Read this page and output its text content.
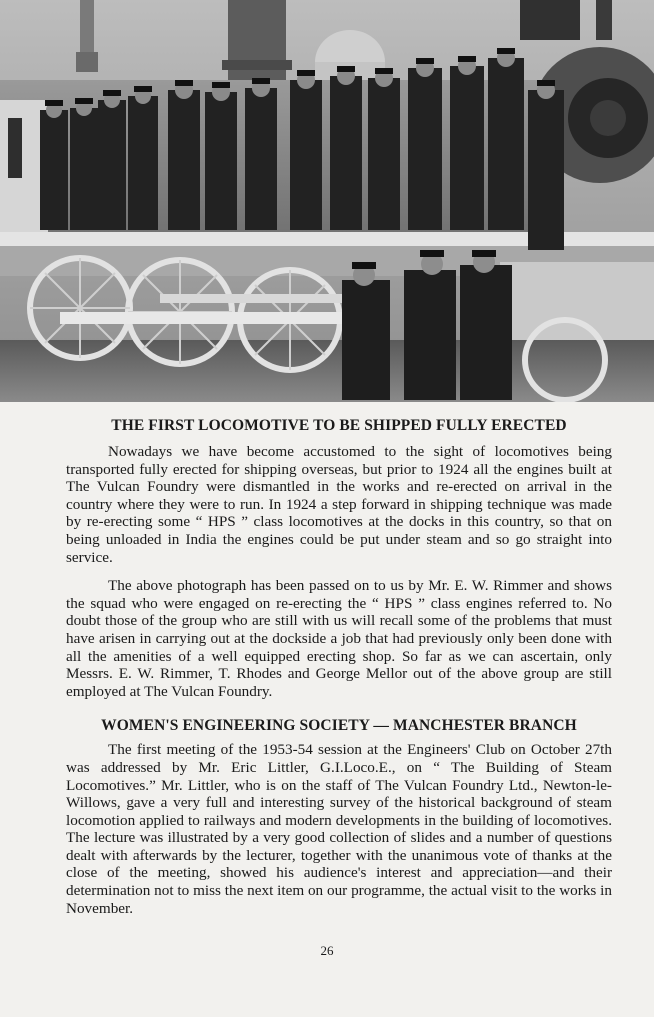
THE FIRST LOCOMOTIVE TO BE SHIPPED FULLY ERECTED

Nowadays we have become accustomed to the sight of locomotives being transported fully erected for shipping overseas, but prior to 1924 all the engines built at The Vulcan Foundry were dismantled in the works and re-erected on arrival in the country where they were to run. In 1924 a step forward in shipping technique was made by re-erecting some “ HPS ” class locomotives at the docks in this country, so that on being unloaded in India the engines could be put under steam and so go straight into service.

The above photograph has been passed on to us by Mr. E. W. Rimmer and shows the squad who were engaged on re-erecting the “ HPS ” class engines referred to. No doubt those of the group who are still with us will recall some of the problems that must have arisen in carrying out at the dockside a job that had previously only been done with all the amenities of a well equipped erecting shop. So far as we can ascertain, only Messrs. E. W. Rimmer, T. Rhodes and George Mellor out of the above group are still employed at The Vulcan Foundry.

WOMEN'S ENGINEERING SOCIETY — MANCHESTER BRANCH

The first meeting of the 1953-54 session at the Engineers' Club on October 27th was addressed by Mr. Eric Littler, G.I.Loco.E., on “ The Building of Steam Locomotives.” Mr. Littler, who is on the staff of The Vulcan Foundry Ltd., Newton-le-Willows, gave a very full and interesting survey of the historical background of steam locomotion applied to railways and modern developments in the building of locomotives. The lecture was illustrated by a very good collection of slides and a number of questions dealt with afterwards by the lecturer, together with the unanimous vote of thanks at the close of the meeting, showed his audience's interest and appreciation—and their determination not to miss the next item on our programme, the actual visit to the works in November.

26
